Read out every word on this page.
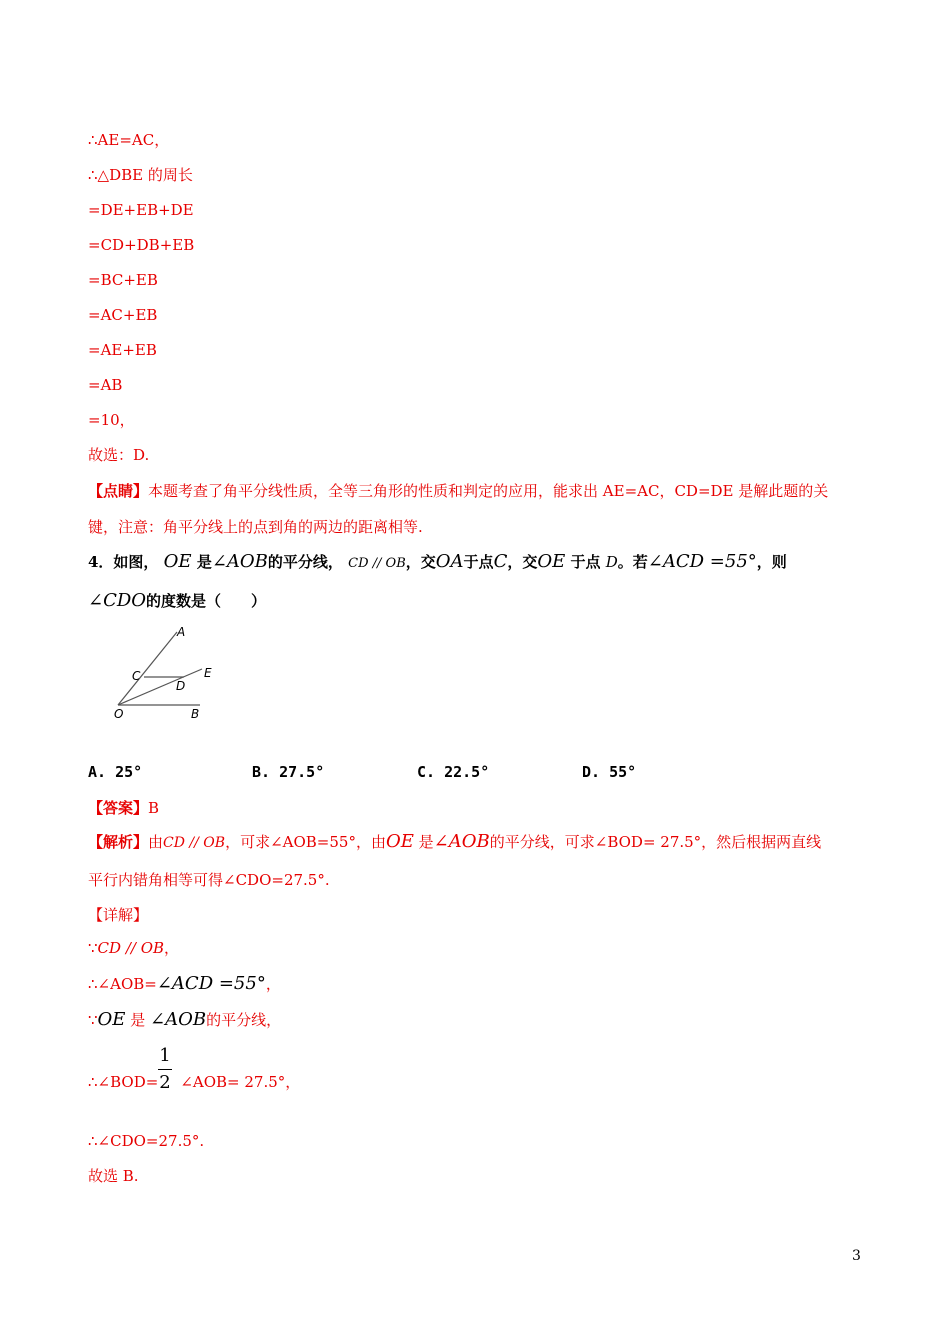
∴AE=AC，
∴△DBE 的周长
=DE+EB+DE
=CD+DB+EB
=BC+EB
=AC+EB
=AE+EB
=AB
=10，
故选：D.
【点睛】本题考查了角平分线性质，全等三角形的性质和判定的应用，能求出 AE=AC，CD=DE 是解此题的关
键，注意：角平分线上的点到角的两边的距离相等.
4．如图， OE 是∠AOB的平分线， CD // OB，交OA于点C，交OE 于点 D。若∠ACD =55°，则
∠CDO的度数是（　　）
A
C
D
E
O	B
A. 25°	B. 27.5°	C. 22.5°	D. 55°
【答案】B
【解析】由CD // OB，可求∠AOB=55°，由OE 是∠AOB的平分线，可求∠BOD= 27.5°，然后根据两直线
平行内错角相等可得∠CDO=27.5°.
【详解】
∵CD // OB，
∴∠AOB=∠ACD =55°，
∵OE 是 ∠AOB的平分线，
1
2
∴∠BOD= ∠AOB= 27.5°，
∴∠CDO=27.5°.
故选 B.
3
